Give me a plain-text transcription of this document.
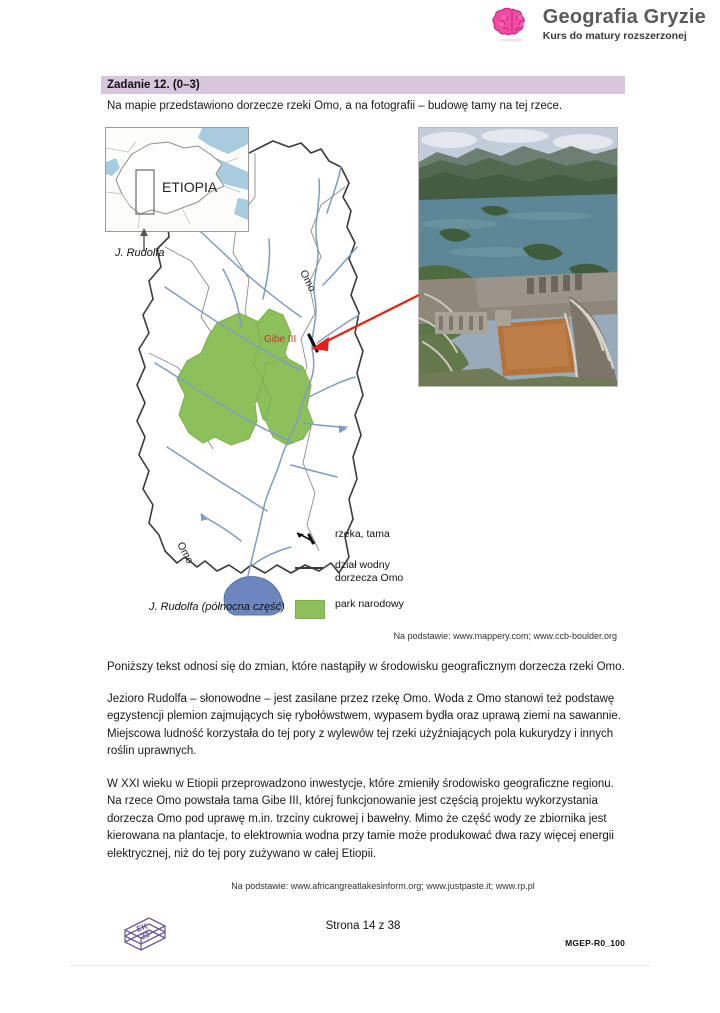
Geografia Gryzie
Kurs do matury rozszerzonej
Zadanie 12. (0–3)
Na mapie przedstawiono dorzecze rzeki Omo, a na fotografii – budowę tamy na tej rzece.
ETIOPIA
J. Rudolfa
Gibe III
Omo
Omo
rzeka, tama
dział wodny
dorzecza Omo
park narodowy
J. Rudolfa (północna część)
Na podstawie: www.mappery.com; www.ccb-boulder.org
Poniższy tekst odnosi się do zmian, które nastąpiły w środowisku geograficznym dorzecza rzeki Omo.
Jezioro Rudolfa – słonowodne – jest zasilane przez rzekę Omo. Woda z Omo stanowi też podstawę egzystencji plemion zajmujących się rybołówstwem, wypasem bydła oraz uprawą ziemi na sawannie. Miejscowa ludność korzystała do tej pory z wylewów tej rzeki użyźniających pola kukurydzy i innych roślin uprawnych.
W XXI wieku w Etiopii przeprowadzono inwestycje, które zmieniły środowisko geograficzne regionu. Na rzece Omo powstała tama Gibe III, której funkcjonowanie jest częścią projektu wykorzystania dorzecza Omo pod uprawę m.in. trzciny cukrowej i bawełny. Mimo że część wody ze zbiornika jest kierowana na plantacje, to elektrownia wodna przy tamie może produkować dwa razy więcej energii elektrycznej, niż do tej pory zużywano w całej Etiopii.
Na podstawie: www.africangreatlakesinform.org; www.justpaste.it; www.rp.pl
EK
23
Strona 14 z 38
MGEP-R0_100
